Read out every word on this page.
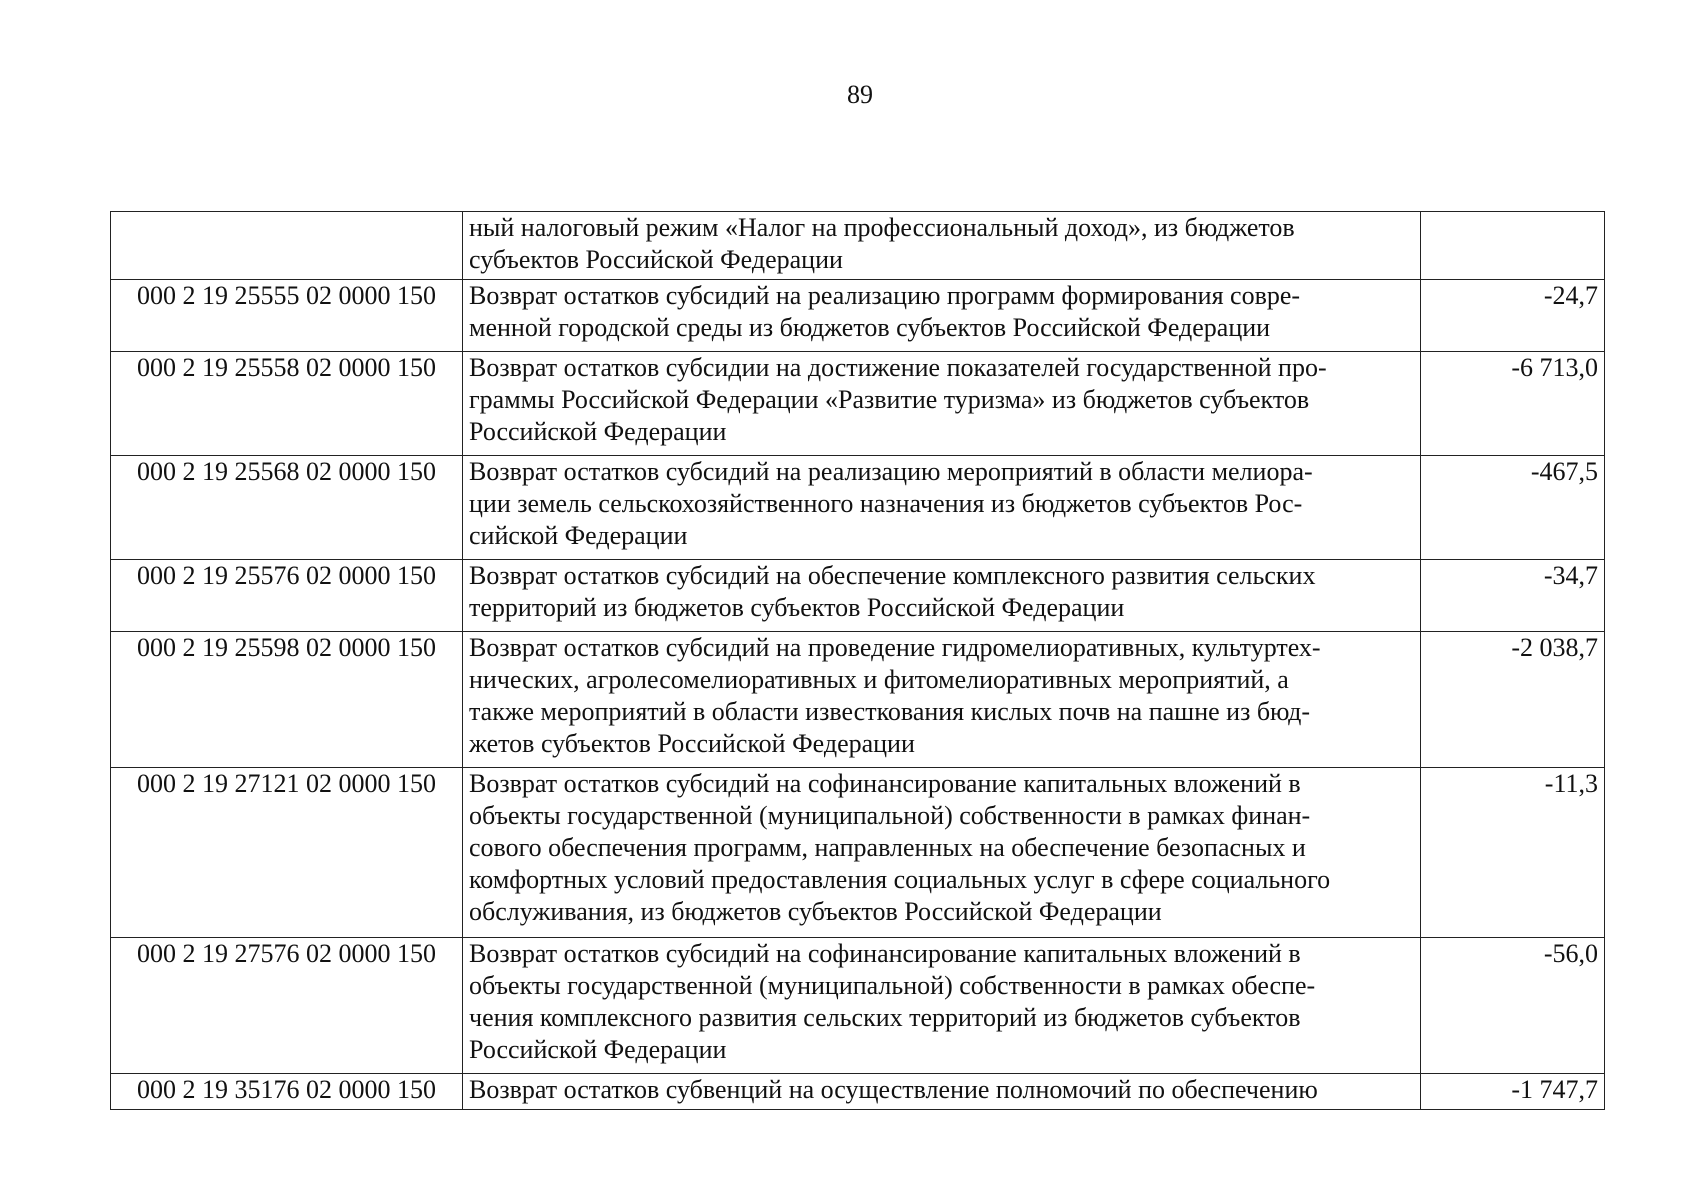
89
	ный налоговый режим «Налог на профессиональный доход», из бюджетов
субъектов Российской Федерации	
000 2 19 25555 02 0000 150	Возврат остатков субсидий на реализацию программ формирования совре-
менной городской среды из бюджетов субъектов Российской Федерации	-24,7
000 2 19 25558 02 0000 150	Возврат остатков субсидии на достижение показателей государственной про-
граммы Российской Федерации «Развитие туризма» из бюджетов субъектов
Российской Федерации	-6 713,0
000 2 19 25568 02 0000 150	Возврат остатков субсидий на реализацию мероприятий в области мелиора-
ции земель сельскохозяйственного назначения из бюджетов субъектов Рос-
сийской Федерации	-467,5
000 2 19 25576 02 0000 150	Возврат остатков субсидий на обеспечение комплексного развития сельских
территорий из бюджетов субъектов Российской Федерации	-34,7
000 2 19 25598 02 0000 150	Возврат остатков субсидий на проведение гидромелиоративных, культуртех-
нических, агролесомелиоративных и фитомелиоративных мероприятий, а
также мероприятий в области известкования кислых почв на пашне из бюд-
жетов субъектов Российской Федерации	-2 038,7
000 2 19 27121 02 0000 150	Возврат остатков субсидий на софинансирование капитальных вложений в
объекты государственной (муниципальной) собственности в рамках финан-
сового обеспечения программ, направленных на обеспечение безопасных и
комфортных условий предоставления социальных услуг в сфере социального
обслуживания, из бюджетов субъектов Российской Федерации	-11,3
000 2 19 27576 02 0000 150	Возврат остатков субсидий на софинансирование капитальных вложений в
объекты государственной (муниципальной) собственности в рамках обеспе-
чения комплексного развития сельских территорий из бюджетов субъектов
Российской Федерации	-56,0
000 2 19 35176 02 0000 150	Возврат остатков субвенций на осуществление полномочий по обеспечению	-1 747,7
